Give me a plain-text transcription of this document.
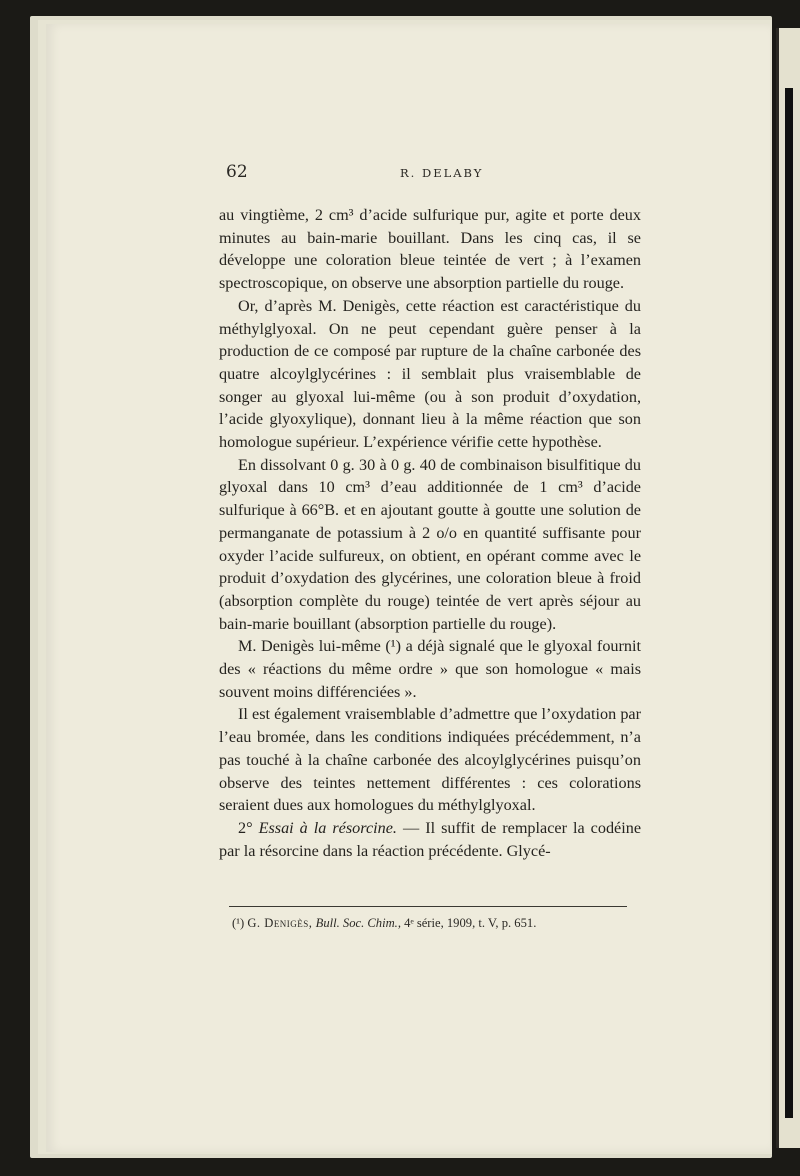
62	R. DELABY

au vingtième, 2 cm³ d’acide sulfurique pur, agite et porte deux minutes au bain-marie bouillant. Dans les cinq cas, il se développe une coloration bleue teintée de vert ; à l’examen spectroscopique, on observe une absorption partielle du rouge.

Or, d’après M. Denigès, cette réaction est caractéristique du méthylglyoxal. On ne peut cependant guère penser à la production de ce composé par rupture de la chaîne carbonée des quatre alcoylglycérines : il semblait plus vraisemblable de songer au glyoxal lui-même (ou à son produit d’oxydation, l’acide glyoxylique), donnant lieu à la même réaction que son homologue supérieur. L’expérience vérifie cette hypothèse.

En dissolvant 0 g. 30 à 0 g. 40 de combinaison bisulfitique du glyoxal dans 10 cm³ d’eau additionnée de 1 cm³ d’acide sulfurique à 66°B. et en ajoutant goutte à goutte une solution de permanganate de potassium à 2 o/o en quantité suffisante pour oxyder l’acide sulfureux, on obtient, en opérant comme avec le produit d’oxydation des glycérines, une coloration bleue à froid (absorption complète du rouge) teintée de vert après séjour au bain-marie bouillant (absorption partielle du rouge).

M. Denigès lui-même (¹) a déjà signalé que le glyoxal fournit des « réactions du même ordre » que son homologue « mais souvent moins différenciées ».

Il est également vraisemblable d’admettre que l’oxydation par l’eau bromée, dans les conditions indiquées précédemment, n’a pas touché à la chaîne carbonée des alcoylglycérines puisqu’on observe des teintes nettement différentes : ces colorations seraient dues aux homologues du méthylglyoxal.

2° Essai à la résorcine. — Il suffit de remplacer la codéine par la résorcine dans la réaction précédente. Glycé-

(¹) G. Denigès, Bull. Soc. Chim., 4ᵉ série, 1909, t. V, p. 651.
